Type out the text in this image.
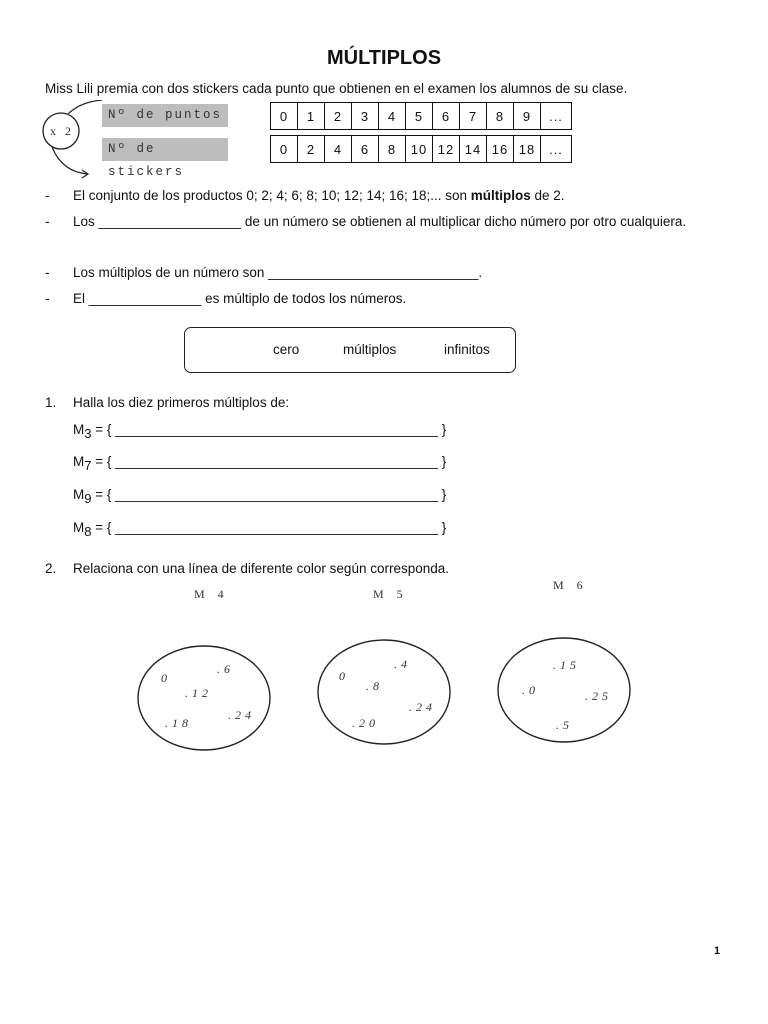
MÚLTIPLOS
Miss Lili premia con dos stickers cada punto que obtienen en el examen los alumnos de su clase.
x 2
Nº de puntos
Nº de stickers
0	1	2	3	4	5	6	7	8	9	...
0	2	4	6	8	10	12	14	16	18	...
-	El conjunto de los productos 0; 2; 4; 6; 8; 10; 12; 14; 16; 18;... son múltiplos de 2.
-	Los ___________________ de un número se obtienen al multiplicar dicho número por otro cualquiera.
-	Los múltiplos de un número son ____________________________.
-	El _______________ es múltiplo de todos los números.
cero	múltiplos	infinitos
1. Halla los diez primeros múltiplos de:
$M_3$ = { ___________________________________________ }
$M_7$ = { ___________________________________________ }
$M_9$ = { ___________________________________________ }
$M_8$ = { ___________________________________________ }
2. Relaciona con una línea de diferente color según corresponda.
M 4	M 5
M 6
0
.6
.12
.18
.24
0
.4
.8
.20
.24
.15
.0	.25
.5
1
